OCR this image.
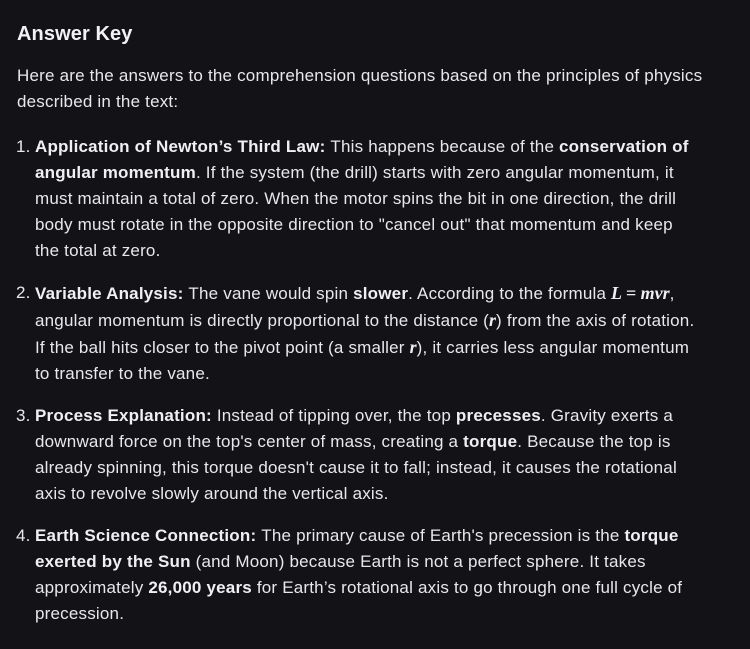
Answer Key

Here are the answers to the comprehension questions based on the principles of physics described in the text:

1. Application of Newton’s Third Law: This happens because of the conservation of angular momentum. If the system (the drill) starts with zero angular momentum, it must maintain a total of zero. When the motor spins the bit in one direction, the drill body must rotate in the opposite direction to "cancel out" that momentum and keep the total at zero.
2. Variable Analysis: The vane would spin slower. According to the formula L = mvr, angular momentum is directly proportional to the distance (r) from the axis of rotation. If the ball hits closer to the pivot point (a smaller r), it carries less angular momentum to transfer to the vane.
3. Process Explanation: Instead of tipping over, the top precesses. Gravity exerts a downward force on the top's center of mass, creating a torque. Because the top is already spinning, this torque doesn't cause it to fall; instead, it causes the rotational axis to revolve slowly around the vertical axis.
4. Earth Science Connection: The primary cause of Earth's precession is the torque exerted by the Sun (and Moon) because Earth is not a perfect sphere. It takes approximately 26,000 years for Earth’s rotational axis to go through one full cycle of precession.
